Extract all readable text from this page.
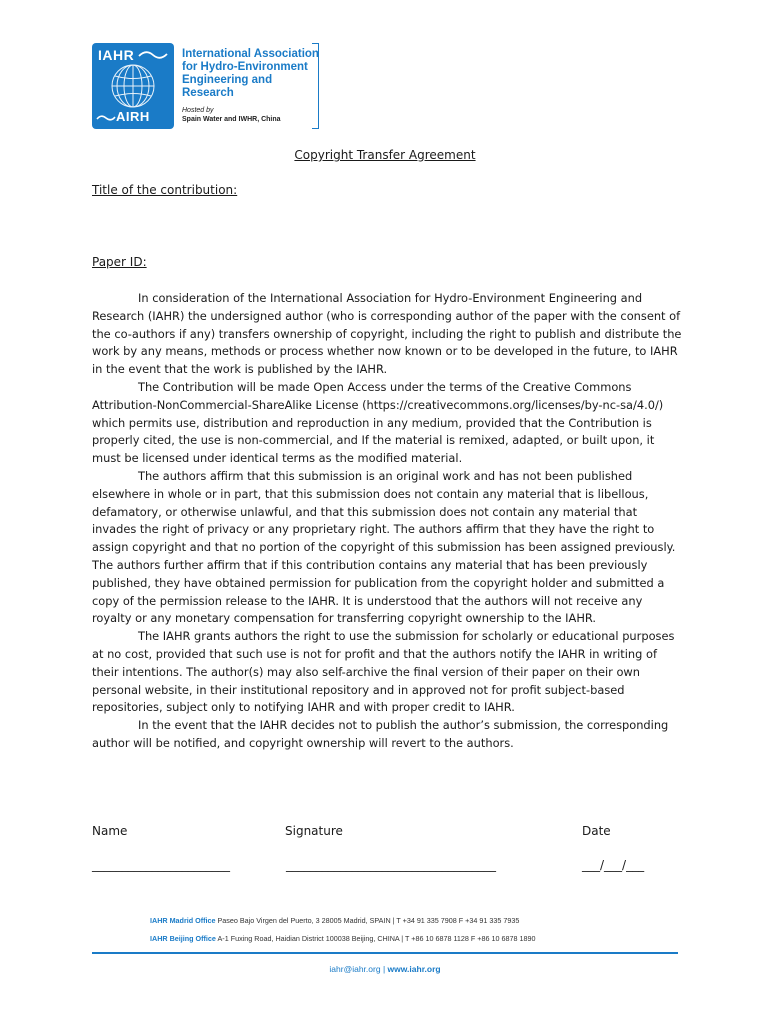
IAHR
AIRH
International Association
for Hydro-Environment
Engineering and Research
Hosted by
Spain Water and IWHR, China
Copyright Transfer Agreement
Title of the contribution:
Paper ID:

In consideration of the International Association for Hydro-Environment Engineering and Research (IAHR) the undersigned author (who is corresponding author of the paper with the consent of the co-authors if any) transfers ownership of copyright, including the right to publish and distribute the work by any means, methods or process whether now known or to be developed in the future, to IAHR in the event that the work is published by the IAHR.

The Contribution will be made Open Access under the terms of the Creative Commons Attribution-NonCommercial-ShareAlike License (https://creativecommons.org/licenses/by-nc-sa/4.0/) which permits use, distribution and reproduction in any medium, provided that the Contribution is properly cited, the use is non-commercial, and If the material is remixed, adapted, or built upon, it must be licensed under identical terms as the modified material.

The authors affirm that this submission is an original work and has not been published elsewhere in whole or in part, that this submission does not contain any material that is libellous, defamatory, or otherwise unlawful, and that this submission does not contain any material that invades the right of privacy or any proprietary right. The authors affirm that they have the right to assign copyright and that no portion of the copyright of this submission has been assigned previously. The authors further affirm that if this contribution contains any material that has been previously published, they have obtained permission for publication from the copyright holder and submitted a copy of the permission release to the IAHR. It is understood that the authors will not receive any royalty or any monetary compensation for transferring copyright ownership to the IAHR.

The IAHR grants authors the right to use the submission for scholarly or educational purposes at no cost, provided that such use is not for profit and that the authors notify the IAHR in writing of their intentions. The author(s) may also self-archive the final version of their paper on their own personal website, in their institutional repository and in approved not for profit subject-based repositories, subject only to notifying IAHR and with proper credit to IAHR.

In the event that the IAHR decides not to publish the author’s submission, the corresponding author will be notified, and copyright ownership will revert to the authors.

Name	Signature	Date
_______________________	___________________________________	___/___/___
IAHR Madrid Office Paseo Bajo Virgen del Puerto, 3 28005 Madrid, SPAIN | T +34 91 335 7908 F +34 91 335 7935
IAHR Beijing Office A-1 Fuxing Road, Haidian District 100038 Beijing, CHINA | T +86 10 6878 1128 F +86 10 6878 1890
iahr@iahr.org | www.iahr.org
